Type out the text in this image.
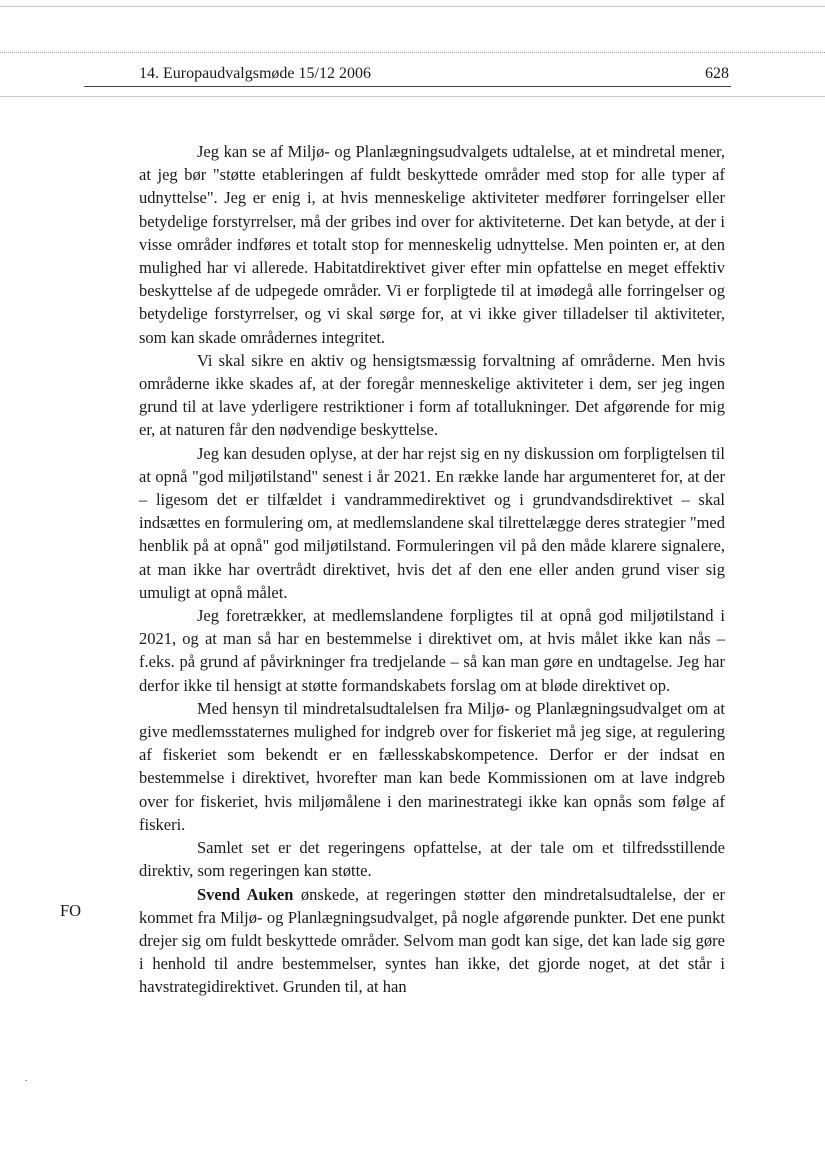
14. Europaudvalgsmøde 15/12 2006	628
FO

Jeg kan se af Miljø- og Planlægningsudvalgets udtalelse, at et mindretal mener, at jeg bør "støtte etableringen af fuldt beskyttede områder med stop for alle typer af udnyttelse". Jeg er enig i, at hvis menneskelige aktiviteter medfører forringelser eller betydelige forstyrrelser, må der gribes ind over for aktiviteterne. Det kan betyde, at der i visse områder indføres et totalt stop for menneskelig udnyttelse. Men pointen er, at den mulighed har vi allerede. Habitatdirektivet giver efter min opfattelse en meget effektiv beskyttelse af de udpegede områder. Vi er forpligtede til at imødegå alle forringelser og betydelige forstyrrelser, og vi skal sørge for, at vi ikke giver tilladelser til aktiviteter, som kan skade områdernes integritet.

Vi skal sikre en aktiv og hensigtsmæssig forvaltning af områderne. Men hvis områderne ikke skades af, at der foregår menneskelige aktiviteter i dem, ser jeg ingen grund til at lave yderligere restriktioner i form af totallukninger. Det afgørende for mig er, at naturen får den nødvendige beskyttelse.

Jeg kan desuden oplyse, at der har rejst sig en ny diskussion om forpligtelsen til at opnå "god miljøtilstand" senest i år 2021. En række lande har argumenteret for, at der – ligesom det er tilfældet i vandrammedirektivet og i grundvandsdirektivet – skal indsættes en formulering om, at medlemslandene skal tilrettelægge deres strategier "med henblik på at opnå" god miljøtilstand. Formuleringen vil på den måde klarere signalere, at man ikke har overtrådt direktivet, hvis det af den ene eller anden grund viser sig umuligt at opnå målet.

Jeg foretrækker, at medlemslandene forpligtes til at opnå god miljøtilstand i 2021, og at man så har en bestemmelse i direktivet om, at hvis målet ikke kan nås – f.eks. på grund af påvirkninger fra tredjelande – så kan man gøre en undtagelse. Jeg har derfor ikke til hensigt at støtte formandskabets forslag om at bløde direktivet op.

Med hensyn til mindretalsudtalelsen fra Miljø- og Planlægningsudvalget om at give medlemsstaternes mulighed for indgreb over for fiskeriet må jeg sige, at regulering af fiskeriet som bekendt er en fællesskabskompetence. Derfor er der indsat en bestemmelse i direktivet, hvorefter man kan bede Kommissionen om at lave indgreb over for fiskeriet, hvis miljømålene i den marinestrategi ikke kan opnås som følge af fiskeri.

Samlet set er det regeringens opfattelse, at der tale om et tilfredsstillende direktiv, som regeringen kan støtte.

Svend Auken ønskede, at regeringen støtter den mindretalsudtalelse, der er kommet fra Miljø- og Planlægningsudvalget, på nogle afgørende punkter. Det ene punkt drejer sig om fuldt beskyttede områder. Selvom man godt kan sige, det kan lade sig gøre i henhold til andre bestemmelser, syntes han ikke, det gjorde noget, at det står i havstrategidirektivet. Grunden til, at han
